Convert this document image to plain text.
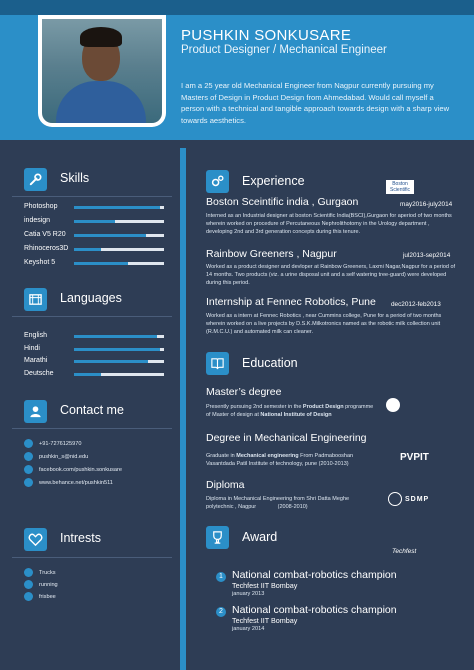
PUSHKIN SONKUSARE
Product Designer / Mechanical Engineer
I am a 25 year old Mechanical Engineer from Nagpur currently pursuing my Masters of Design in Product Design from Ahmedabad. Would call myself a person with a technical and tangible approach towards design with a sharp view towards aesthetics.
Skills
Photoshop
indesign
Catia V5 R20
Rhinoceros3D
Keyshot 5
Languages
English
Hindi
Marathi
Deutsche
Contact me
+91-7276125970
pushkin_s@nid.edu
facebook.com/pushkin.sonkusare
www.behance.net/pushkin511
Intrests
Trucks
running
frisbee
Experience	Boston Scientific
Boston Sceintific india , Gurgaon	may2016-july2014
Interned as an Industrial designer at boston Scientific India(BSCI),Gurgaon for aperiod of two months wherein worked on procedure of Percutaneous Nephrolithotomy in the Urology department , developing 2nd and 3rd generation concepts during this tenure.
Rainbow Greeners , Nagpur	jul2013-sep2014
Worked as a product designer and devloper at Rainbow Greeners, Laxmi Nagar,Nagpur for a period of 14 months. Two products (viz. a urine disposal unit and a self watering tree-guard) were developed during this period.
Internship at Fennec Robotics, Pune dec2012-feb2013
Worked as a intern at Fennec Robotics , near Cummins college, Pune for a period of two months wherein worked on a live projects by D.S.K.Milkotronics named as the robotic milk collection unit (R.M.C.U.) and automated milk can cleaner.
Education
Master’s degree
Presently pursuing 2nd semester in the Product Design programme of Master of design at National Institute of Design
Degree in Mechanical Engineering
Graduate in Mechanical engineering From Padmabooshan Vasantdada Patil Institute of technology, pune (2010-2013)
PVPIT
Diploma
Diploma in Mechanical Engineering from Shri Datta Meghe polytechnic , Nagpur	(2008-2010)
SDMP
Award
Techfest
1 National combat-robotics champion
Techfest IIT Bombay
january 2013
2 National combat-robotics champion
Techfest IIT Bombay
january 2014
